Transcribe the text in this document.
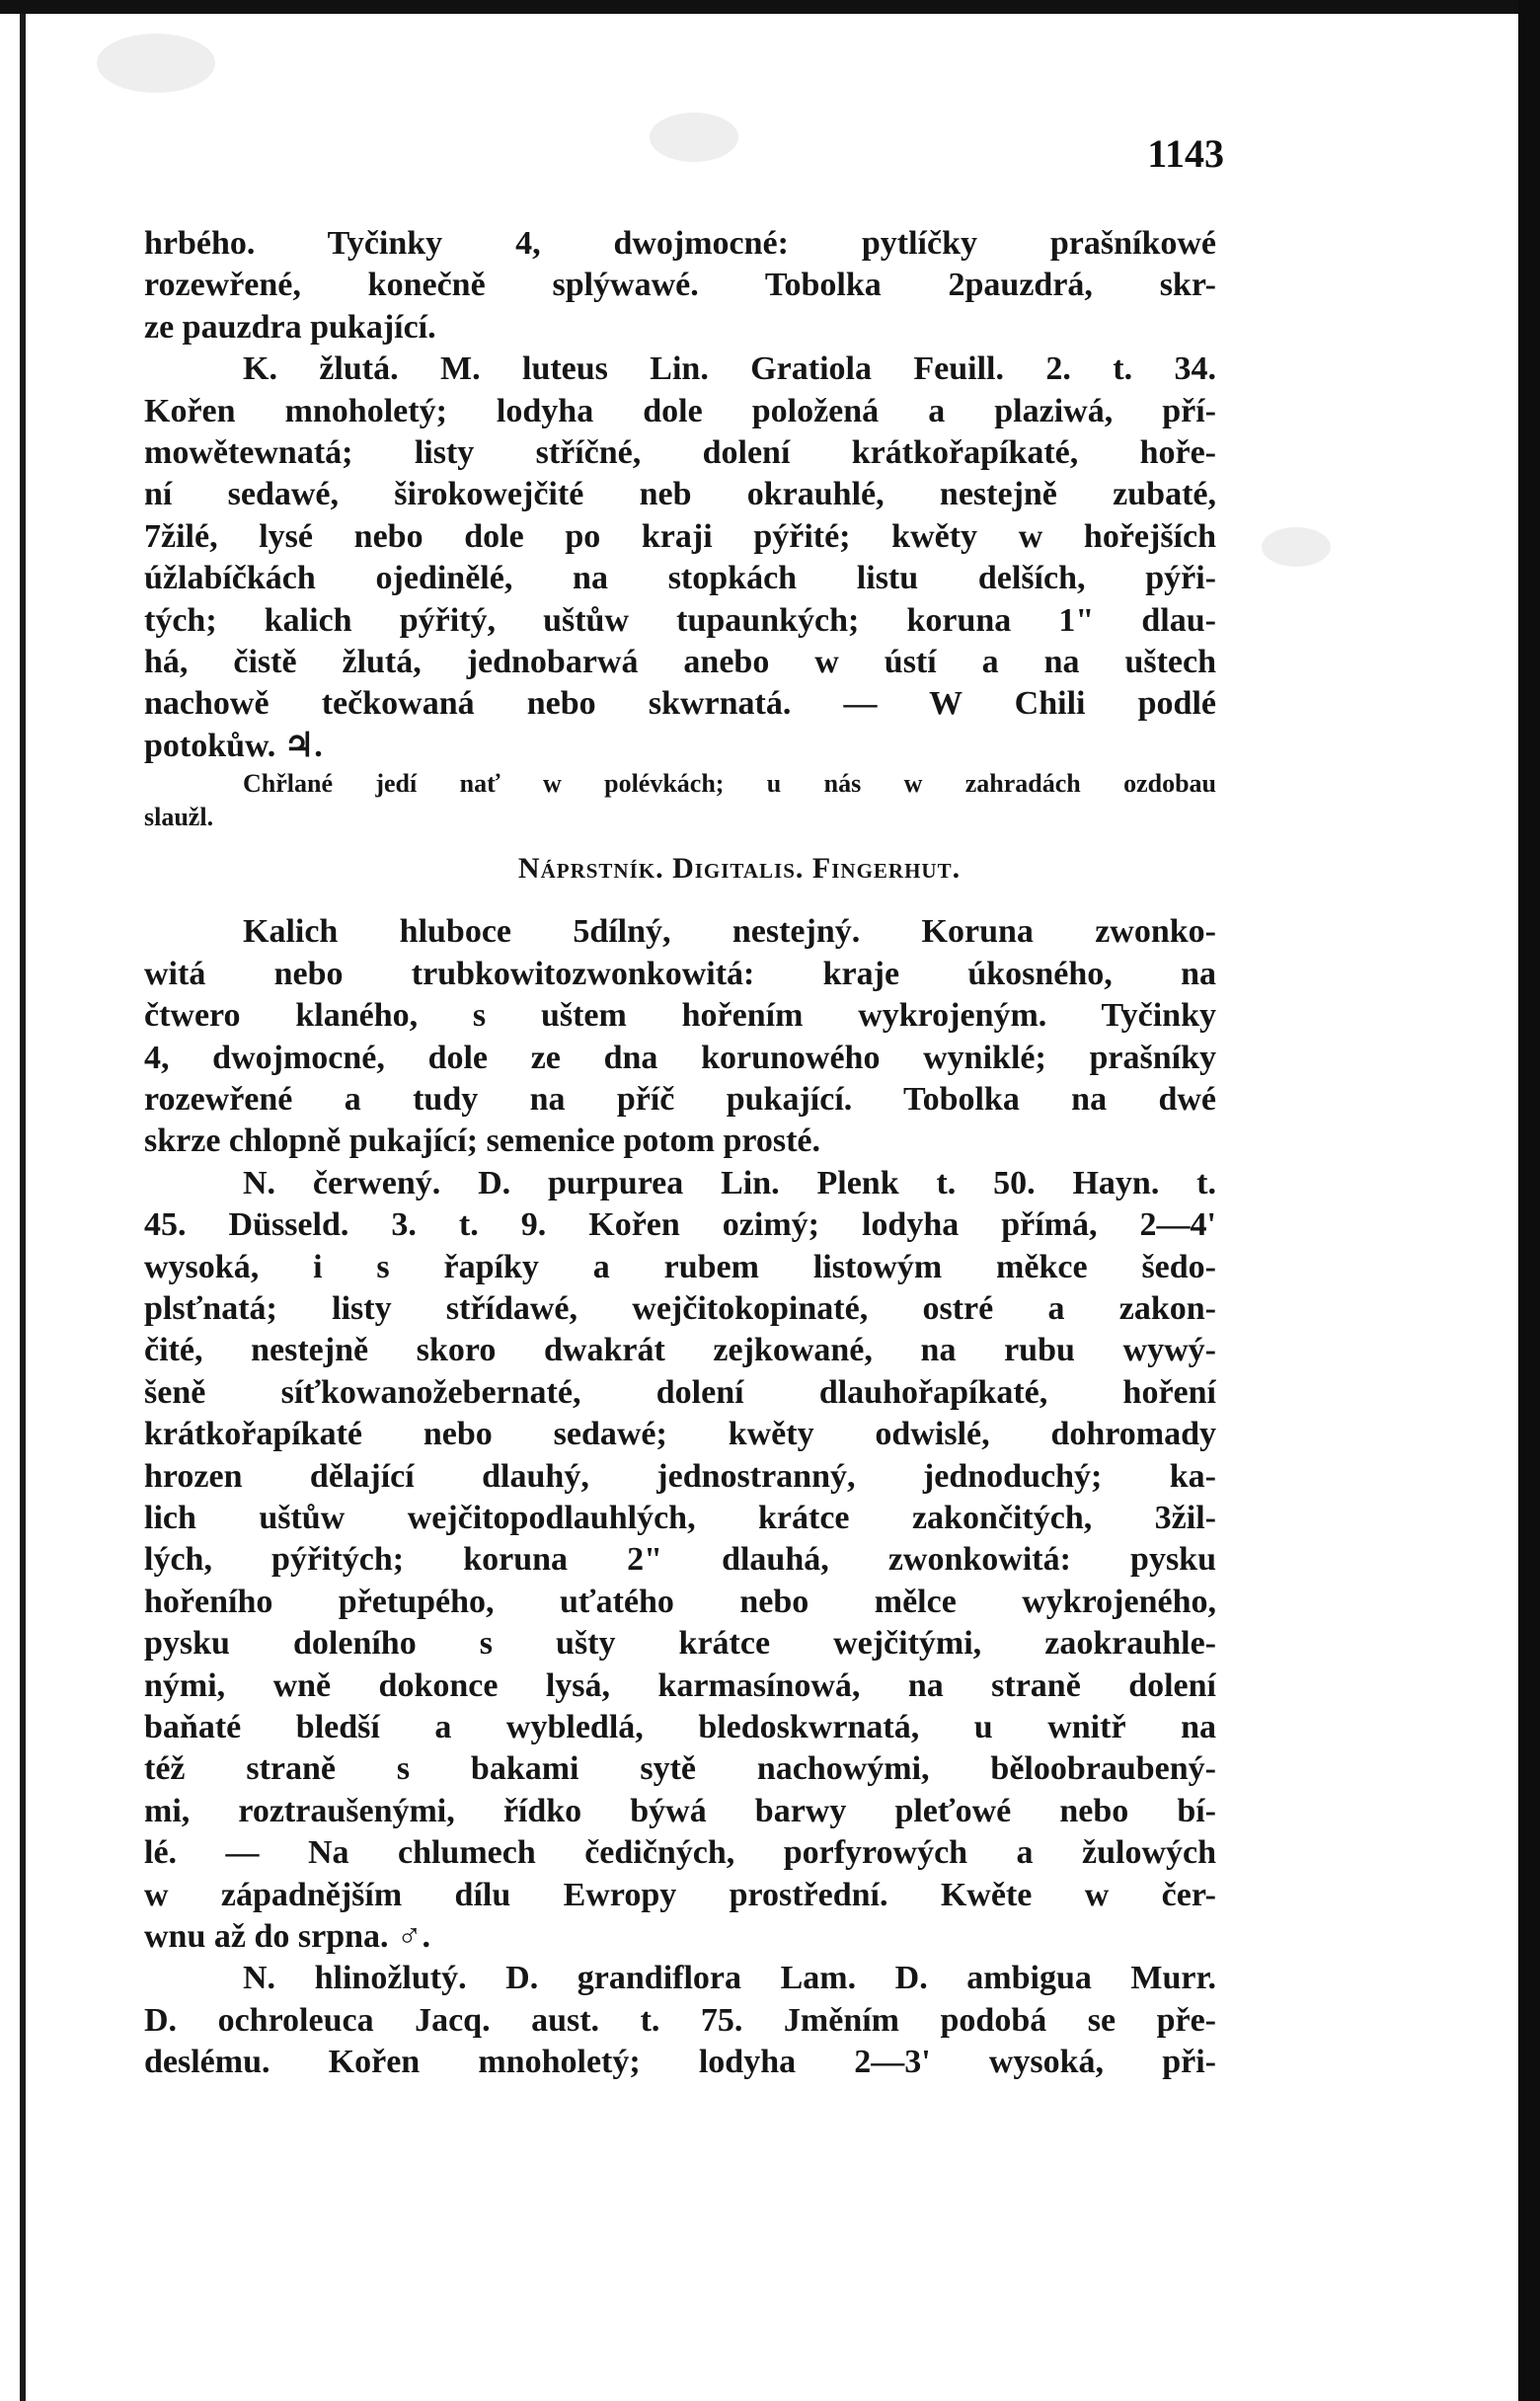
1143
hrbého. Tyčinky 4, dwojmocné: pytlíčky prašníkowé
rozewřené, konečně splýwawé. Tobolka 2pauzdrá, skr-
ze pauzdra pukající.
K. žlutá. M. luteus Lin. Gratiola Feuill. 2. t. 34.
Kořen mnoholetý; lodyha dole položená a plaziwá, pří-
mowětewnatá; listy stříčné, dolení krátkořapíkaté, hoře-
ní sedawé, širokowejčité neb okrauhlé, nestejně zubaté,
7žilé, lysé nebo dole po kraji pýřité; kwěty w hořejších
úžlabíčkách ojedinělé, na stopkách listu delších, pýři-
tých; kalich pýřitý, uštůw tupaunkých; koruna 1" dlau-
há, čistě žlutá, jednobarwá anebo w ústí a na uštech
nachowě tečkowaná nebo skwrnatá. — W Chili podlé
potokůw. ♃.
Chřlané jedí nať w polévkách; u nás w zahradách ozdobau
slaužl.
Náprstník. Digitalis. Fingerhut.
Kalich hluboce 5dílný, nestejný. Koruna zwonko-
witá nebo trubkowitozwonkowitá: kraje úkosného, na
čtwero klaného, s uštem hořením wykrojeným. Tyčinky
4, dwojmocné, dole ze dna korunowého wyniklé; prašníky
rozewřené a tudy na příč pukající. Tobolka na dwé
skrze chlopně pukající; semenice potom prosté.
N. čerwený. D. purpurea Lin. Plenk t. 50. Hayn. t.
45. Düsseld. 3. t. 9. Kořen ozimý; lodyha přímá, 2—4'
wysoká, i s řapíky a rubem listowým měkce šedo-
plsťnatá; listy střídawé, wejčitokopinaté, ostré a zakon-
čité, nestejně skoro dwakrát zejkowané, na rubu wywý-
šeně síťkowanožebernaté, dolení dlauhořapíkaté, hoření
krátkořapíkaté nebo sedawé; kwěty odwislé, dohromady
hrozen dělající dlauhý, jednostranný, jednoduchý; ka-
lich uštůw wejčitopodlauhlých, krátce zakončitých, 3žil-
lých, pýřitých; koruna 2" dlauhá, zwonkowitá: pysku
hořeního přetupého, uťatého nebo mělce wykrojeného,
pysku doleního s ušty krátce wejčitými, zaokrauhle-
nými, wně dokonce lysá, karmasínowá, na straně dolení
baňaté bledší a wybledlá, bledoskwrnatá, u wnitř na
též straně s bakami sytě nachowými, běloobraubený-
mi, roztraušenými, řídko býwá barwy pleťowé nebo bí-
lé. — Na chlumech čedičných, porfyrowých a žulowých
w západnějším dílu Ewropy prostřední. Kwěte w čer-
wnu až do srpna. ♂.
N. hlinožlutý. D. grandiflora Lam. D. ambigua Murr.
D. ochroleuca Jacq. aust. t. 75. Jměním podobá se pře-
deslému. Kořen mnoholetý; lodyha 2—3' wysoká, při-
